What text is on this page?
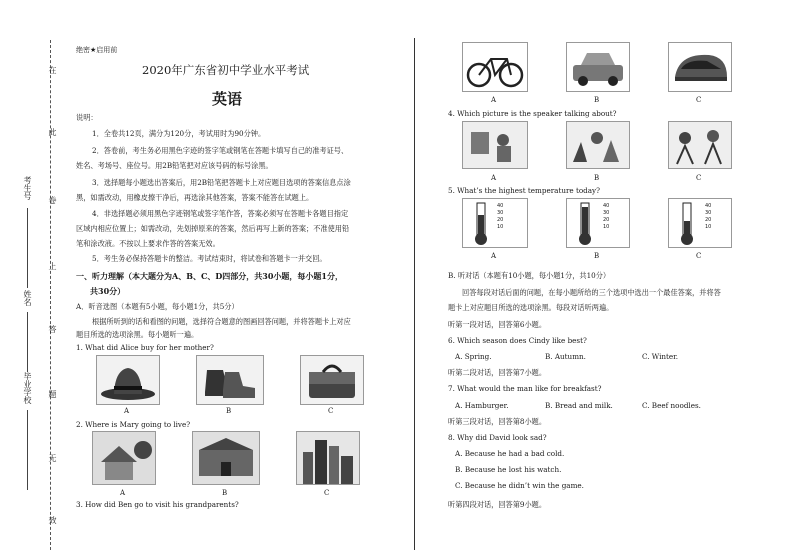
在
此
卷
上
答
题
无
效
考生号
姓名
毕业学校
绝密★启用前
2020年广东省初中学业水平考试
英语
说明：
1．全卷共12页，满分为120分，考试用时为90分钟。
2．答卷前，考生务必用黑色字迹的签字笔或钢笔在答题卡填写自己的准考证号、
姓名、考场号、座位号。用2B铅笔把对应该号码的标号涂黑。
3．选择题每小题选出答案后，用2B铅笔把答题卡上对应题目选项的答案信息点涂
黑，如需改动，用橡皮擦干净后，再选涂其他答案，答案不能答在试题上。
4．非选择题必须用黑色字迹钢笔或签字笔作答，答案必须写在答题卡各题目指定
区域内相应位置上；如需改动，先划掉原来的答案，然后再写上新的答案；不准使用铅
笔和涂改液。不按以上要求作答的答案无效。
5．考生务必保持答题卡的整洁。考试结束时，将试卷和答题卡一并交回。
一、听力理解（本大题分为A、B、C、D四部分，共30小题，每小题1分，
共30分）
A．听音选图（本题有5小题，每小题1分，共5分）
根据所听到的话和看图的问题，选择符合题意的图画回答问题，并将答题卡上对应
题目所选的选项涂黑。每小题听一遍。
1. What did Alice buy for her mother?
A	B	C
2. Where is Mary going to live?
A	B	C
3. How did Ben go to visit his grandparents?
A	B	C
4. Which picture is the speaker talking about?
A	B	C
5. What’s the highest temperature today?
40
30
20
10
40
30
20
10
40
30
20
10
A	B	C
B. 听对话（本题有10小题，每小题1分，共10分）
回答每段对话后面的问题，在每小题所给的三个选项中选出一个最佳答案，并将答
题卡上对应题目所选的选项涂黑。每段对话听两遍。
听第一段对话，回答第6小题。
6. Which season does Cindy like best?
A. Spring.	B. Autumn.	C. Winter.
听第二段对话，回答第7小题。
7. What would the man like for breakfast?
A. Hamburger.	B. Bread and milk.	C. Beef noodles.
听第三段对话，回答第8小题。
8. Why did David look sad?
A. Because he had a bad cold.
B. Because he lost his watch.
C. Because he didn’t win the game.
听第四段对话，回答第9小题。
